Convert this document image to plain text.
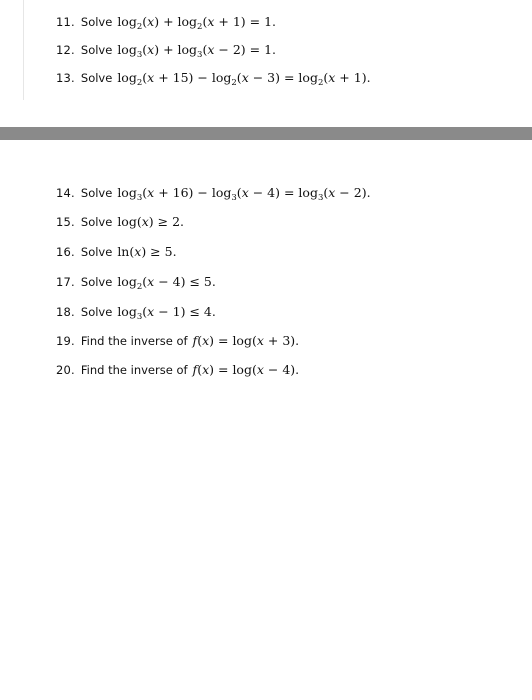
11. Solve $\log_2(x) + \log_2(x + 1) = 1$.
12. Solve $\log_3(x) + \log_3(x - 2) = 1$.
13. Solve $\log_2(x + 15) - \log_2(x - 3) = \log_2(x + 1)$.
14. Solve $\log_3(x + 16) - \log_3(x - 4) = \log_3(x - 2)$.
15. Solve log(x) ≥ 2.
16. Solve ln(x) ≥ 5.
17. Solve $\log_2(x - 4) \le 5$.
18. Solve $\log_3(x - 1) \le 4$.
19. Find the inverse of f(x) = log(x + 3).
20. Find the inverse of f(x) = log(x − 4).
